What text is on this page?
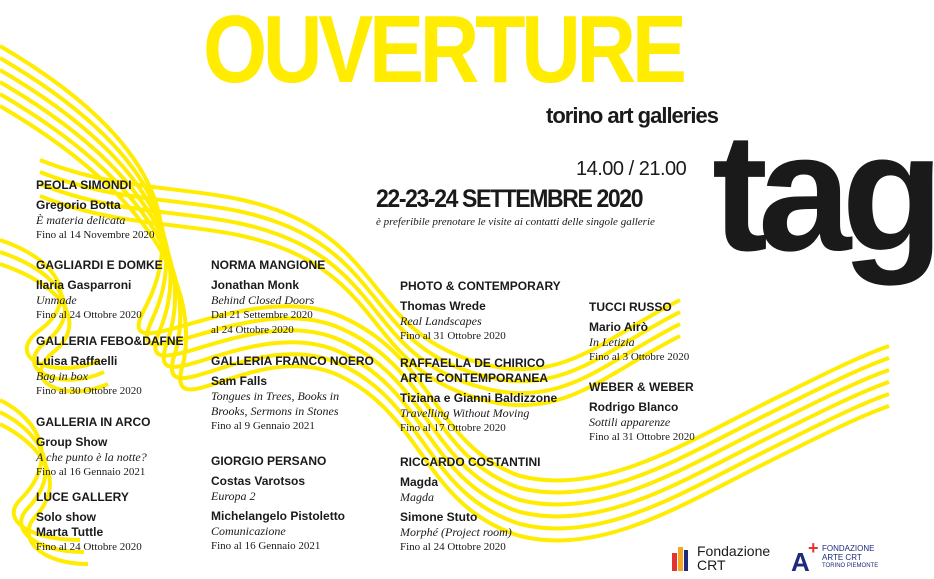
OUVERTURE
torino art galleries
14.00 / 21.00
22-23-24 SETTEMBRE 2020
è preferibile prenotare le visite ai contatti delle singole gallerie tag
PEOLA SIMONDI
Gregorio Botta
È materia delicata
Fino al 14 Novembre 2020
GAGLIARDI E DOMKE
Ilaria Gasparroni
Unmade
Fino al 24 Ottobre 2020
GALLERIA FEBO&DAFNE
Luisa Raffaelli
Bag in box
Fino al 30 Ottobre 2020
GALLERIA IN ARCO
Group Show
A che punto è la notte?
Fino al 16 Gennaio 2021
LUCE GALLERY
Solo show
Marta Tuttle
Fino al 24 Ottobre 2020
NORMA MANGIONE
Jonathan Monk
Behind Closed Doors
Dal 21 Settembre 2020
al 24 Ottobre 2020
GALLERIA FRANCO NOERO
Sam Falls
Tongues in Trees, Books in
Brooks, Sermons in Stones
Fino al 9 Gennaio 2021
GIORGIO PERSANO
Costas Varotsos
Europa 2
Michelangelo Pistoletto
Comunicazione
Fino al 16 Gennaio 2021
PHOTO & CONTEMPORARY
Thomas Wrede
Real Landscapes
Fino al 31 Ottobre 2020
RAFFAELLA DE CHIRICO
ARTE CONTEMPORANEA
Tiziana e Gianni Baldizzone
Travelling Without Moving
Fino al 17 Ottobre 2020
RICCARDO COSTANTINI
Magda
Magda
Simone Stuto
Morphé (Project room)
Fino al 24 Ottobre 2020
TUCCI RUSSO
Mario Airò
In Letizia
Fino al 3 Ottobre 2020
WEBER & WEBER
Rodrigo Blanco
Sottili apparenze
Fino al 31 Ottobre 2020
Fondazione
CRT	A
+ FONDAZIONE
ARTE CRT
TORINO PIEMONTE
